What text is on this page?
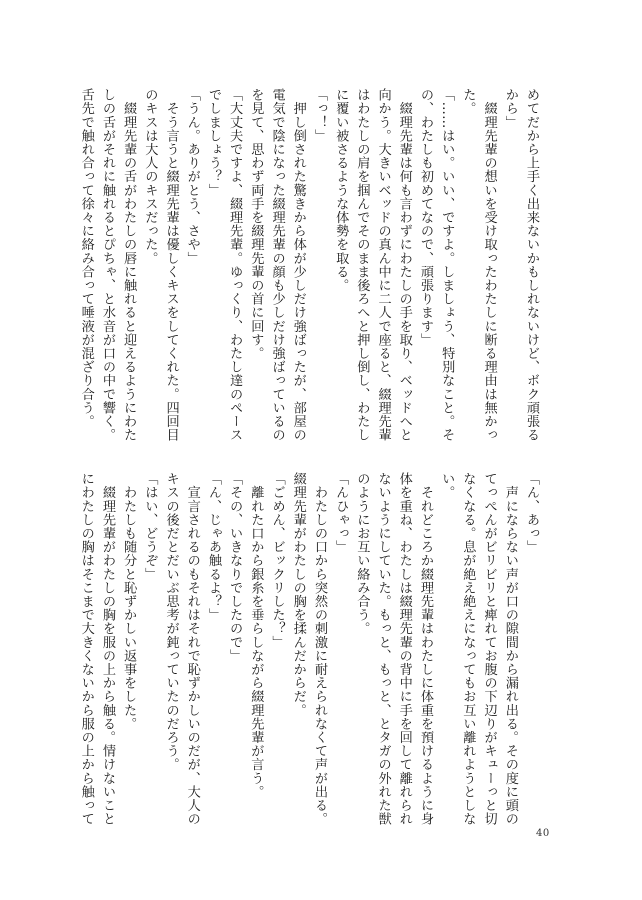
めてだから上手く出来ないかもしれないけど、ボク頑張る
から」
　綴理先輩の想いを受け取ったわたしに断る理由は無かっ
た。
「……はい。いい、ですよ。しましょう、特別なこと。そ
の、わたしも初めてなので、頑張ります」
　綴理先輩は何も言わずにわたしの手を取り、ベッドへと
向かう。大きいベッドの真ん中に二人で座ると、綴理先輩
はわたしの肩を掴んでそのまま後ろへと押し倒し、わたし
に覆い被さるような体勢を取る。
「っ！」
　押し倒された驚きから体が少しだけ強ばったが、部屋の
電気で陰になった綴理先輩の顔も少しだけ強ばっているの
を見て、思わず両手を綴理先輩の首に回す。
「大丈夫ですよ、綴理先輩。ゆっくり、わたし達のペース
でしましょう？」
「うん。ありがとう、さや」
　そう言うと綴理先輩は優しくキスをしてくれた。四回目
のキスは大人のキスだった。
　綴理先輩の舌がわたしの唇に触れると迎えるようにわた
しの舌がそれに触れるとぴちゃ、と水音が口の中で響く。
舌先で触れ合って徐々に絡み合って唾液が混ざり合う。
「ん、あっ」
　声にならない声が口の隙間から漏れ出る。その度に頭の
てっぺんがビリビリと痺れてお腹の下辺りがキューっと切
なくなる。息が絶え絶えになってもお互い離れようとしな
い。
　それどころか綴理先輩はわたしに体重を預けるように身
体を重ね、わたしは綴理先輩の背中に手を回して離れられ
ないようにしていた。もっと、もっと、とタガの外れた獣
のようにお互い絡み合う。
「んひゃっ」
　わたしの口から突然の刺激に耐えられなくて声が出る。
綴理先輩がわたしの胸を揉んだからだ。
「ごめん、ビックリした？」
　離れた口から銀糸を垂らしながら綴理先輩が言う。
「その、いきなりでしたので」
「ん、じゃあ触るよ？」
　宣言されるのもそれはそれで恥ずかしいのだが、大人の
キスの後だとだいぶ思考が鈍っていたのだろう。
「はい、どうぞ」
　わたしも随分と恥ずかしい返事をした。
　綴理先輩がわたしの胸を服の上から触る。情けないこと
にわたしの胸はそこまで大きくないから服の上から触って
40
